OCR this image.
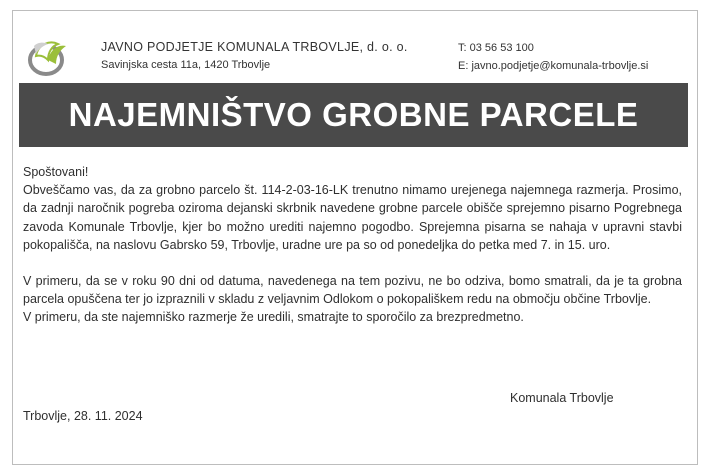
JAVNO PODJETJE KOMUNALA TRBOVLJE, d. o. o.
Savinjska cesta 11a, 1420 Trbovlje
T: 03 56 53 100
E: javno.podjetje@komunala-trbovlje.si
NAJEMNIŠTVO GROBNE PARCELE

Spoštovani!

Obveščamo vas, da za grobno parcelo št. 114-2-03-16-LK trenutno nimamo urejenega najemnega razmerja. Prosimo, da zadnji naročnik pogreba oziroma dejanski skrbnik navedene grobne parcele obišče sprejemno pisarno Pogrebnega zavoda Komunale Trbovlje, kjer bo možno urediti najemno pogodbo. Sprejemna pisarna se nahaja v upravni stavbi pokopališča, na naslovu Gabrsko 59, Trbovlje, uradne ure pa so od ponedeljka do petka med 7. in 15. uro.

V primeru, da se v roku 90 dni od datuma, navedenega na tem pozivu, ne bo odziva, bomo smatrali, da je ta grobna parcela opuščena ter jo izpraznili v skladu z veljavnim Odlokom o pokopališkem redu na območju občine Trbovlje.

V primeru, da ste najemniško razmerje že uredili, smatrajte to sporočilo za brezpredmetno.

Komunala Trbovlje
Trbovlje, 28. 11. 2024
